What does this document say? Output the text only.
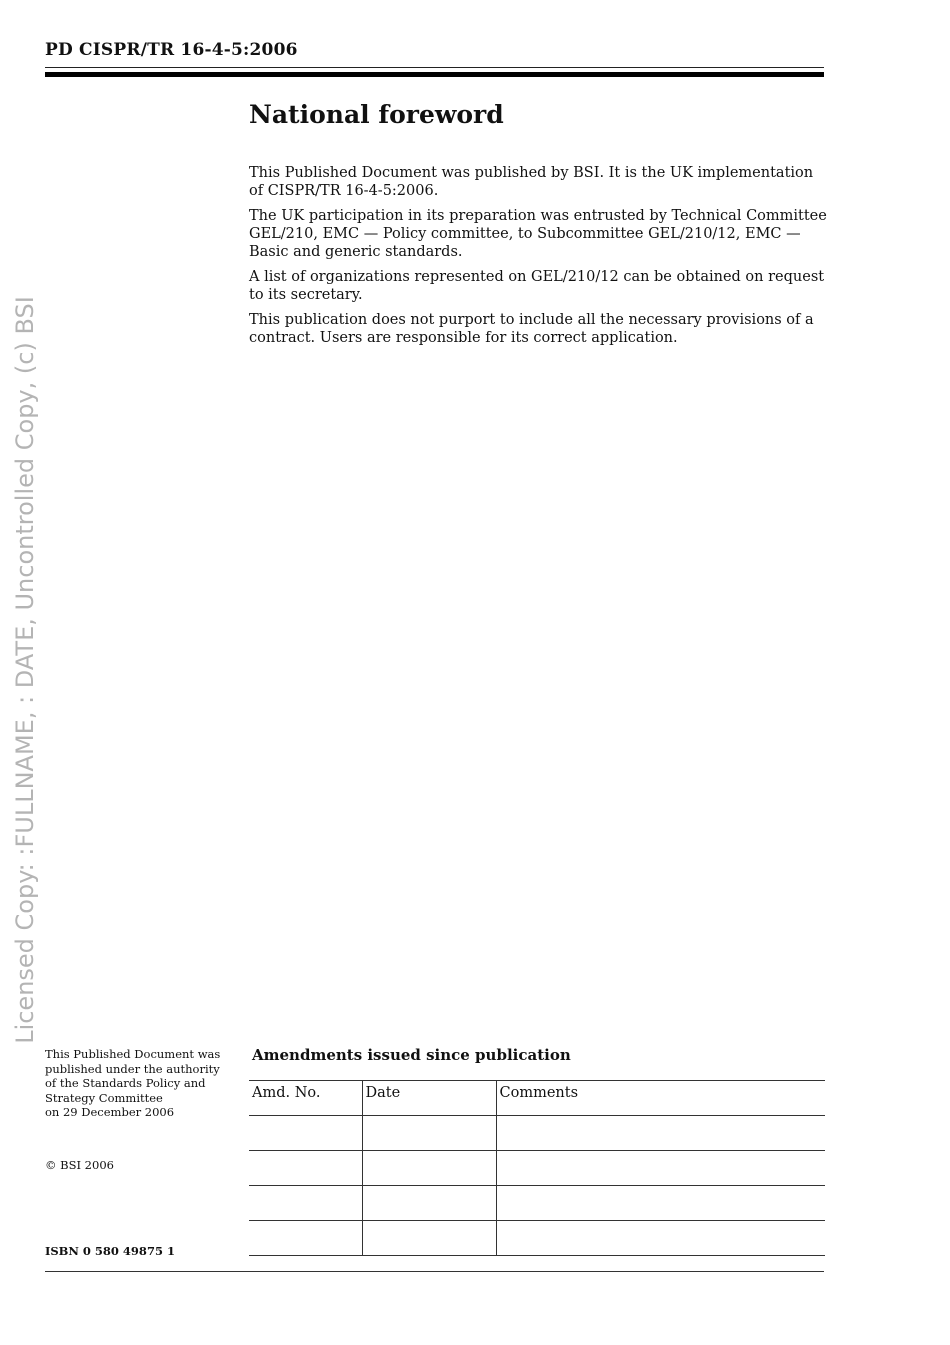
PD CISPR/TR 16-4-5:2006
National foreword

This Published Document was published by BSI. It is the UK implementation of CISPR/TR 16-4-5:2006.

The UK participation in its preparation was entrusted by Technical Committee GEL/210, EMC — Policy committee, to Subcommittee GEL/210/12, EMC — Basic and generic standards.

A list of organizations represented on GEL/210/12 can be obtained on request to its secretary.

This publication does not purport to include all the necessary provisions of a contract. Users are responsible for its correct application.

Licensed Copy: :FULLNAME, : DATE, Uncontrolled Copy, (c) BSI
This Published Document was
published under the authority
of the Standards Policy and
Strategy Committee
on 29 December 2006
© BSI 2006
ISBN 0 580 49875 1
Amendments issued since publication
Amd. No.	Date	Comments
